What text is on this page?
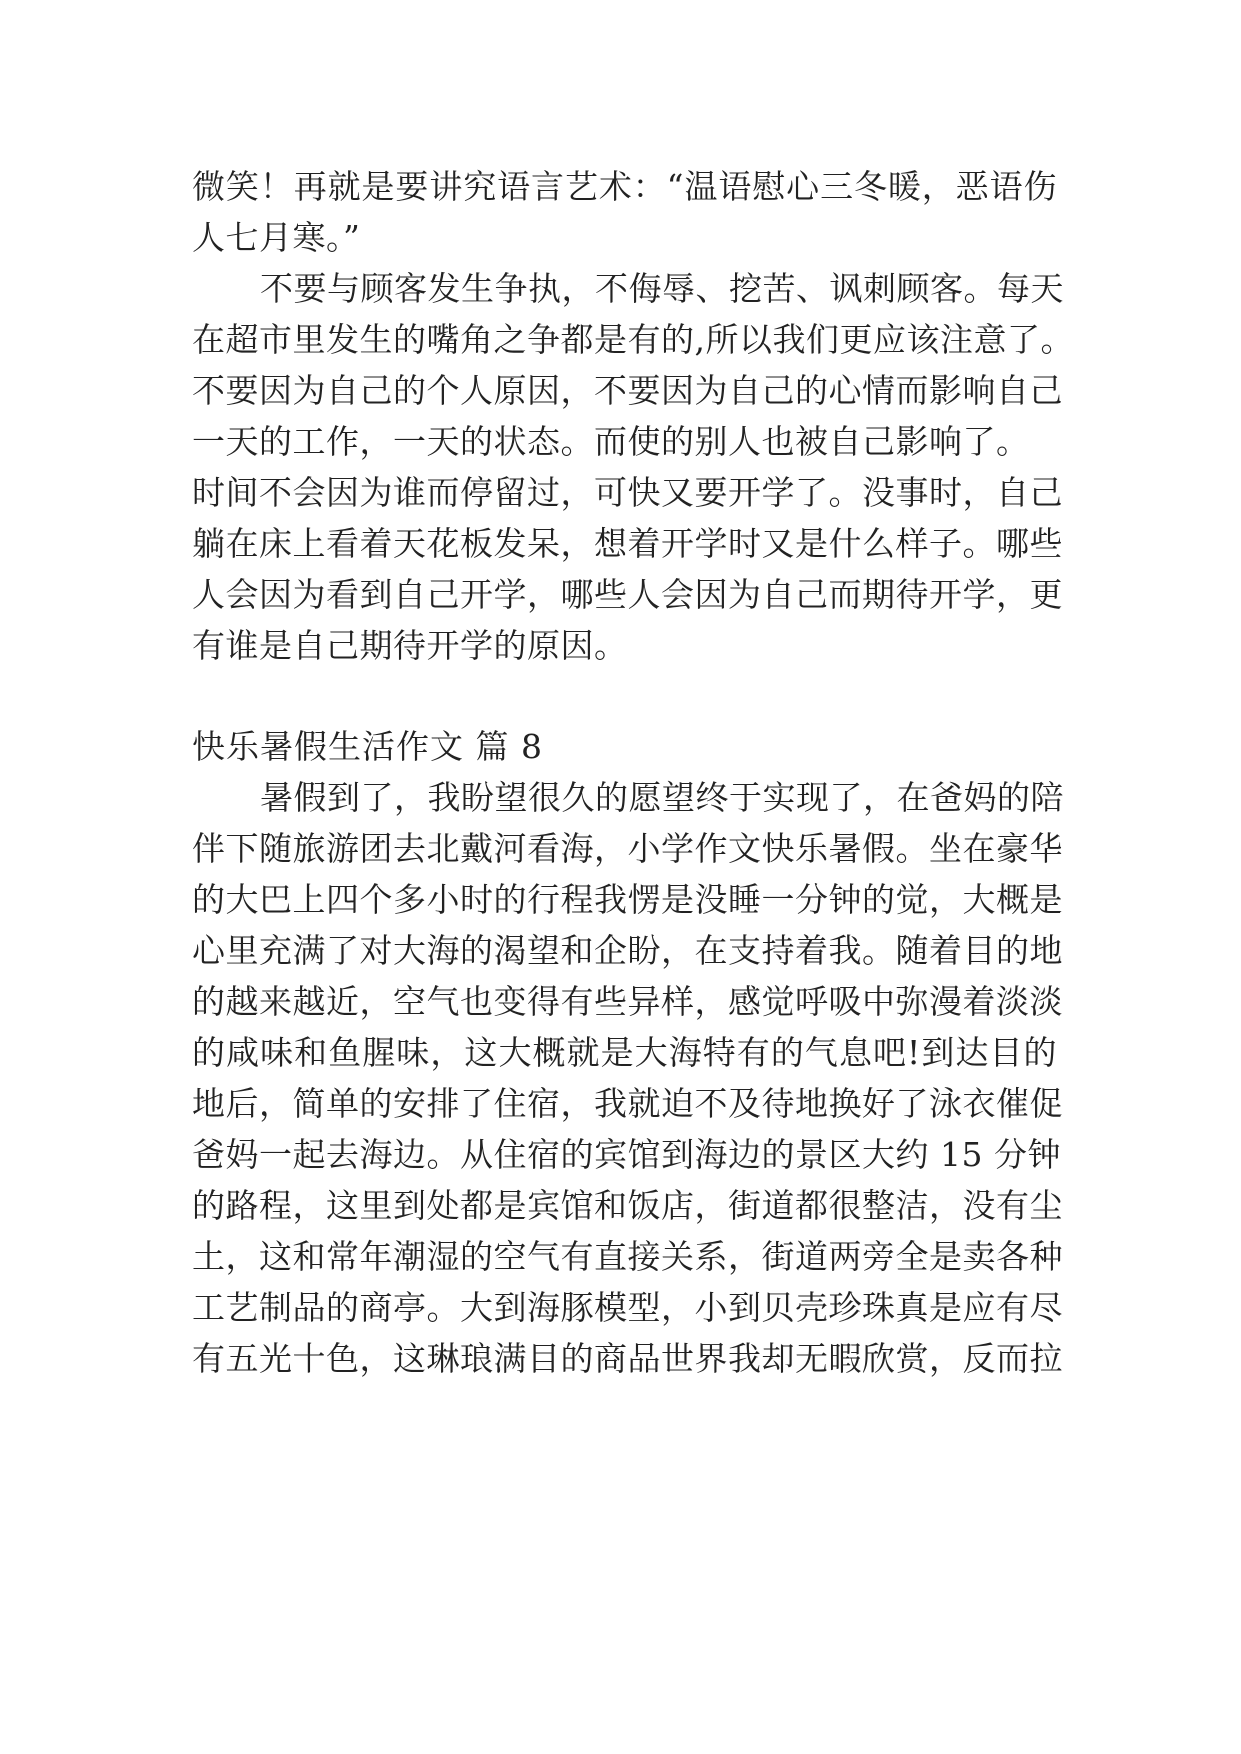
微笑！再就是要讲究语言艺术：“温语慰心三冬暖，恶语伤
人七月寒。”
不要与顾客发生争执，不侮辱、挖苦、讽刺顾客。每天
在超市里发生的嘴角之争都是有的,所以我们更应该注意了。
不要因为自己的个人原因，不要因为自己的心情而影响自己
一天的工作，一天的状态。而使的别人也被自己影响了。
时间不会因为谁而停留过，可快又要开学了。没事时，自己
躺在床上看着天花板发呆，想着开学时又是什么样子。哪些
人会因为看到自己开学，哪些人会因为自己而期待开学，更
有谁是自己期待开学的原因。
快乐暑假生活作文 篇 8
暑假到了，我盼望很久的愿望终于实现了，在爸妈的陪
伴下随旅游团去北戴河看海，小学作文快乐暑假。坐在豪华
的大巴上四个多小时的行程我愣是没睡一分钟的觉，大概是
心里充满了对大海的渴望和企盼，在支持着我。随着目的地
的越来越近，空气也变得有些异样，感觉呼吸中弥漫着淡淡
的咸味和鱼腥味，这大概就是大海特有的气息吧!到达目的
地后，简单的安排了住宿，我就迫不及待地换好了泳衣催促
爸妈一起去海边。从住宿的宾馆到海边的景区大约 15 分钟
的路程，这里到处都是宾馆和饭店，街道都很整洁，没有尘
土，这和常年潮湿的空气有直接关系，街道两旁全是卖各种
工艺制品的商亭。大到海豚模型，小到贝壳珍珠真是应有尽
有五光十色，这琳琅满目的商品世界我却无暇欣赏，反而拉
